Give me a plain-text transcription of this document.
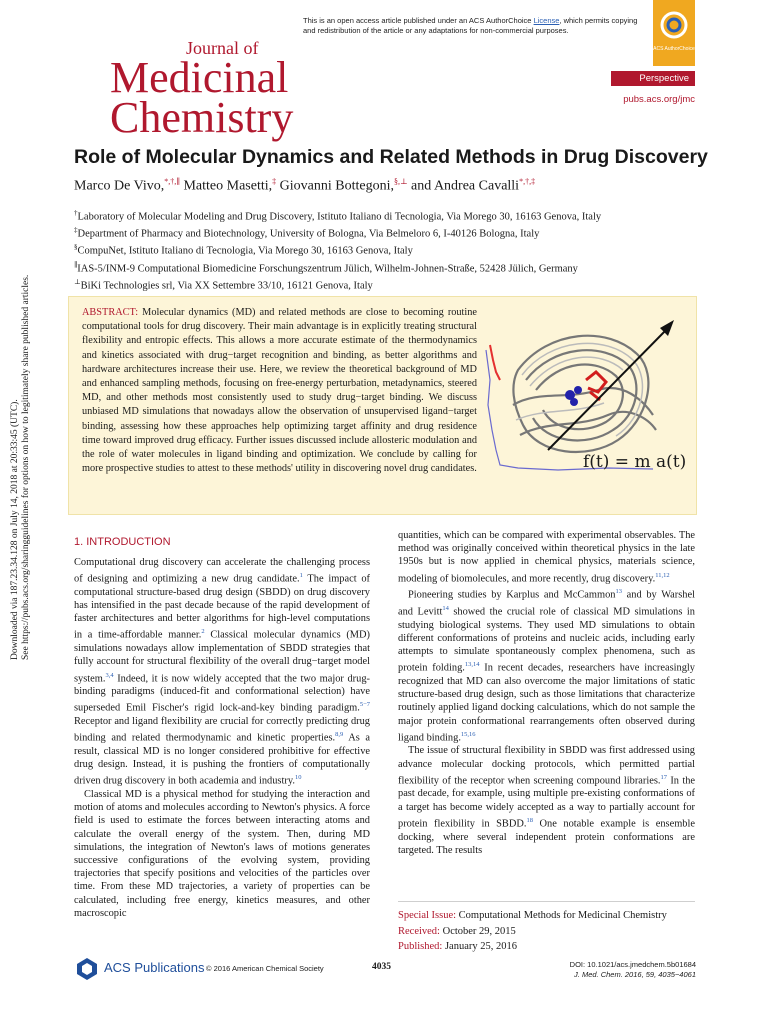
This is an open access article published under an ACS AuthorChoice License, which permits copying and redistribution of the article or any adaptations for non-commercial purposes.
ACS AuthorChoice
Journal of
Medicinal
Chemistry
Perspective
pubs.acs.org/jmc
Role of Molecular Dynamics and Related Methods in Drug Discovery
Marco De Vivo,*,†,∥ Matteo Masetti,‡ Giovanni Bottegoni,§,⊥ and Andrea Cavalli*,†,‡
†Laboratory of Molecular Modeling and Drug Discovery, Istituto Italiano di Tecnologia, Via Morego 30, 16163 Genova, Italy
‡Department of Pharmacy and Biotechnology, University of Bologna, Via Belmeloro 6, I-40126 Bologna, Italy
§CompuNet, Istituto Italiano di Tecnologia, Via Morego 30, 16163 Genova, Italy
∥IAS-5/INM-9 Computational Biomedicine Forschungszentrum Jülich, Wilhelm-Johnen-Straße, 52428 Jülich, Germany
⊥BiKi Technologies srl, Via XX Settembre 33/10, 16121 Genova, Italy
ABSTRACT: Molecular dynamics (MD) and related methods are close to becoming routine computational tools for drug discovery. Their main advantage is in explicitly treating structural flexibility and entropic effects. This allows a more accurate estimate of the thermodynamics and kinetics associated with drug−target recognition and binding, as better algorithms and hardware architectures increase their use. Here, we review the theoretical background of MD and enhanced sampling methods, focusing on free-energy perturbation, metadynamics, steered MD, and other methods most consistently used to study drug−target binding. We discuss unbiased MD simulations that nowadays allow the observation of unsupervised ligand−target binding, assessing how these approaches help optimizing target affinity and drug residence time toward improved drug efficacy. Further issues discussed include allosteric modulation and the role of water molecules in ligand binding and optimization. We conclude by calling for more prospective studies to attest to these methods' utility in discovering novel drug candidates.	f(t) = m a(t)
Downloaded via 187.23.34.128 on July 14, 2018 at 20:33:45 (UTC). See https://pubs.acs.org/sharingguidelines for options on how to legitimately share published articles.	1. INTRODUCTION

Computational drug discovery can accelerate the challenging process of designing and optimizing a new drug candidate.$^1$ The impact of computational structure-based drug design (SBDD) on drug discovery has intensified in the past decade because of the rapid development of faster architectures and better algorithms for high-level computations in a time-affordable manner.$^2$ Classical molecular dynamics (MD) simulations nowadays allow implementation of SBDD strategies that fully account for structural flexibility of the overall drug−target model system.$^{3,4}$ Indeed, it is now widely accepted that the two major drug-binding paradigms (induced-fit and conformational selection) have superseded Emil Fischer's rigid lock-and-key binding paradigm.$^{5-7}$ Receptor and ligand flexibility are crucial for correctly predicting drug binding and related thermodynamic and kinetic properties.$^{8,9}$ As a result, classical MD is no longer considered prohibitive for effective drug design. Instead, it is pushing the frontiers of computationally driven drug discovery in both academia and industry.$^{10}$

Classical MD is a physical method for studying the interaction and motion of atoms and molecules according to Newton's physics. A force field is used to estimate the forces between interacting atoms and calculate the overall energy of the system. Then, during MD simulations, the integration of Newton's laws of motions generates successive configurations of the evolving system, providing trajectories that specify positions and velocities of the particles over time. From these MD trajectories, a variety of properties can be calculated, including free energy, kinetics measures, and other macroscopic

quantities, which can be compared with experimental observables. The method was originally conceived within theoretical physics in the late 1950s but is now applied in chemical physics, materials science, modeling of biomolecules, and more recently, drug discovery.$^{11,12}$

Pioneering studies by Karplus and McCammon$^{13}$ and by Warshel and Levitt$^{14}$ showed the crucial role of classical MD simulations in studying biological systems. They used MD simulations to obtain different conformations of proteins and nucleic acids, including early attempts to simulate spontaneously complex phenomena, such as protein folding.$^{13,14}$ In recent decades, researchers have increasingly recognized that MD can also overcome the major limitations of static structure-based drug design, such as those limitations that characterize routinely applied ligand docking calculations, which do not sample the major protein conformational rearrangements often observed during ligand binding.$^{15,16}$

The issue of structural flexibility in SBDD was first addressed using advance molecular docking protocols, which permitted partial flexibility of the receptor when screening compound libraries.$^{17}$ In the past decade, for example, using multiple pre-existing conformations of a target has become widely accepted as a way to partially account for protein flexibility in SBDD.$^{18}$ One notable example is ensemble docking, where several independent protein conformations are targeted. The results

Special Issue: Computational Methods for Medicinal Chemistry
Received: October 29, 2015
Published: January 25, 2016
ACS Publications © 2016 American Chemical Society	4035	DOI: 10.1021/acs.jmedchem.5b01684
J. Med. Chem. 2016, 59, 4035−4061
